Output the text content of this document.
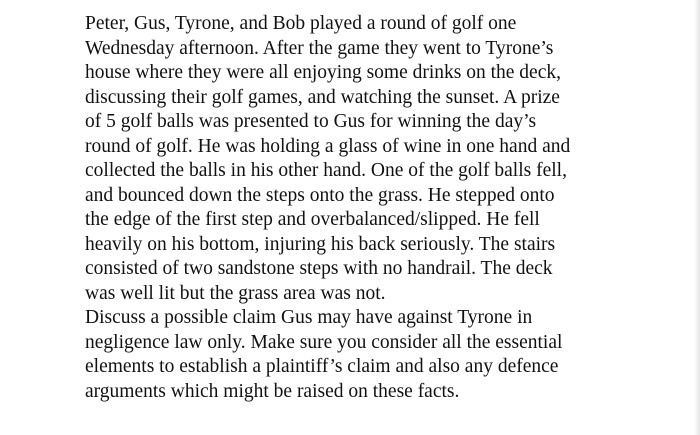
Peter, Gus, Tyrone, and Bob played a round of golf one
Wednesday afternoon. After the game they went to Tyrone’s
house where they were all enjoying some drinks on the deck,
discussing their golf games, and watching the sunset. A prize
of 5 golf balls was presented to Gus for winning the day’s
round of golf. He was holding a glass of wine in one hand and
collected the balls in his other hand. One of the golf balls fell,
and bounced down the steps onto the grass. He stepped onto
the edge of the first step and overbalanced/slipped. He fell
heavily on his bottom, injuring his back seriously. The stairs
consisted of two sandstone steps with no handrail. The deck
was well lit but the grass area was not.
Discuss a possible claim Gus may have against Tyrone in
negligence law only. Make sure you consider all the essential
elements to establish a plaintiff’s claim and also any defence
arguments which might be raised on these facts.
